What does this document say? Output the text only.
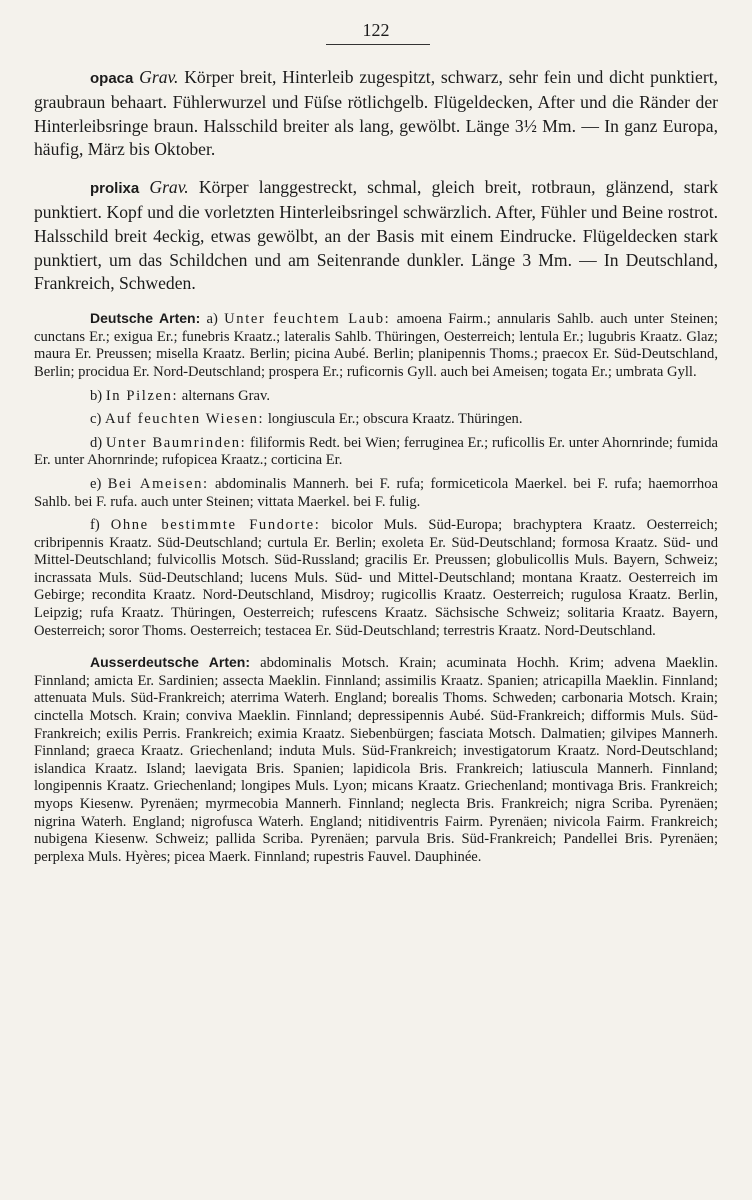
122

opaca Grav. Körper breit, Hinterleib zugespitzt, schwarz, sehr fein und dicht punktiert, graubraun behaart. Fühlerwurzel und Füſse rötlichgelb. Flügeldecken, After und die Ränder der Hinterleibsringe braun. Halsschild breiter als lang, gewölbt. Länge 3½ Mm. — In ganz Europa, häufig, März bis Oktober.

prolixa Grav. Körper langgestreckt, schmal, gleich breit, rotbraun, glänzend, stark punktiert. Kopf und die vorletzten Hinterleibsringel schwärzlich. After, Fühler und Beine rostrot. Halsschild breit 4eckig, etwas gewölbt, an der Basis mit einem Eindrucke. Flügeldecken stark punktiert, um das Schildchen und am Seitenrande dunkler. Länge 3 Mm. — In Deutschland, Frankreich, Schweden.

Deutsche Arten: a) Unter feuchtem Laub: amoena Fairm.; annularis Sahlb. auch unter Steinen; cunctans Er.; exigua Er.; funebris Kraatz.; lateralis Sahlb. Thüringen, Oesterreich; lentula Er.; lugubris Kraatz. Glaz; maura Er. Preussen; misella Kraatz. Berlin; picina Aubé. Berlin; planipennis Thoms.; praecox Er. Süd-Deutschland, Berlin; procidua Er. Nord-Deutschland; prospera Er.; ruficornis Gyll. auch bei Ameisen; togata Er.; umbrata Gyll.

b) In Pilzen: alternans Grav.

c) Auf feuchten Wiesen: longiuscula Er.; obscura Kraatz. Thüringen.

d) Unter Baumrinden: filiformis Redt. bei Wien; ferruginea Er.; ruficollis Er. unter Ahornrinde; fumida Er. unter Ahornrinde; rufopicea Kraatz.; corticina Er.

e) Bei Ameisen: abdominalis Mannerh. bei F. rufa; formiceticola Maerkel. bei F. rufa; haemorrhoa Sahlb. bei F. rufa. auch unter Steinen; vittata Maerkel. bei F. fulig.

f) Ohne bestimmte Fundorte: bicolor Muls. Süd-Europa; brachyptera Kraatz. Oesterreich; cribripennis Kraatz. Süd-Deutschland; curtula Er. Berlin; exoleta Er. Süd-Deutschland; formosa Kraatz. Süd- und Mittel-Deutschland; fulvicollis Motsch. Süd-Russland; gracilis Er. Preussen; globulicollis Muls. Bayern, Schweiz; incrassata Muls. Süd-Deutschland; lucens Muls. Süd- und Mittel-Deutschland; montana Kraatz. Oesterreich im Gebirge; recondita Kraatz. Nord-Deutschland, Misdroy; rugicollis Kraatz. Oesterreich; rugulosa Kraatz. Berlin, Leipzig; rufa Kraatz. Thüringen, Oesterreich; rufescens Kraatz. Sächsische Schweiz; solitaria Kraatz. Bayern, Oesterreich; soror Thoms. Oesterreich; testacea Er. Süd-Deutschland; terrestris Kraatz. Nord-Deutschland.

Ausserdeutsche Arten: abdominalis Motsch. Krain; acuminata Hochh. Krim; advena Maeklin. Finnland; amicta Er. Sardinien; assecta Maeklin. Finnland; assimilis Kraatz. Spanien; atricapilla Maeklin. Finnland; attenuata Muls. Süd-Frankreich; aterrima Waterh. England; borealis Thoms. Schweden; carbonaria Motsch. Krain; cinctella Motsch. Krain; conviva Maeklin. Finnland; depressipennis Aubé. Süd-Frankreich; difformis Muls. Süd-Frankreich; exilis Perris. Frankreich; eximia Kraatz. Siebenbürgen; fasciata Motsch. Dalmatien; gilvipes Mannerh. Finnland; graeca Kraatz. Griechenland; induta Muls. Süd-Frankreich; investigatorum Kraatz. Nord-Deutschland; islandica Kraatz. Island; laevigata Bris. Spanien; lapidicola Bris. Frankreich; latiuscula Mannerh. Finnland; longipennis Kraatz. Griechenland; longipes Muls. Lyon; micans Kraatz. Griechenland; montivaga Bris. Frankreich; myops Kiesenw. Pyrenäen; myrmecobia Mannerh. Finnland; neglecta Bris. Frankreich; nigra Scriba. Pyrenäen; nigrina Waterh. England; nigrofusca Waterh. England; nitidiventris Fairm. Pyrenäen; nivicola Fairm. Frankreich; nubigena Kiesenw. Schweiz; pallida Scriba. Pyrenäen; parvula Bris. Süd-Frankreich; Pandellei Bris. Pyrenäen; perplexa Muls. Hyères; picea Maerk. Finnland; rupestris Fauvel. Dauphinée.
